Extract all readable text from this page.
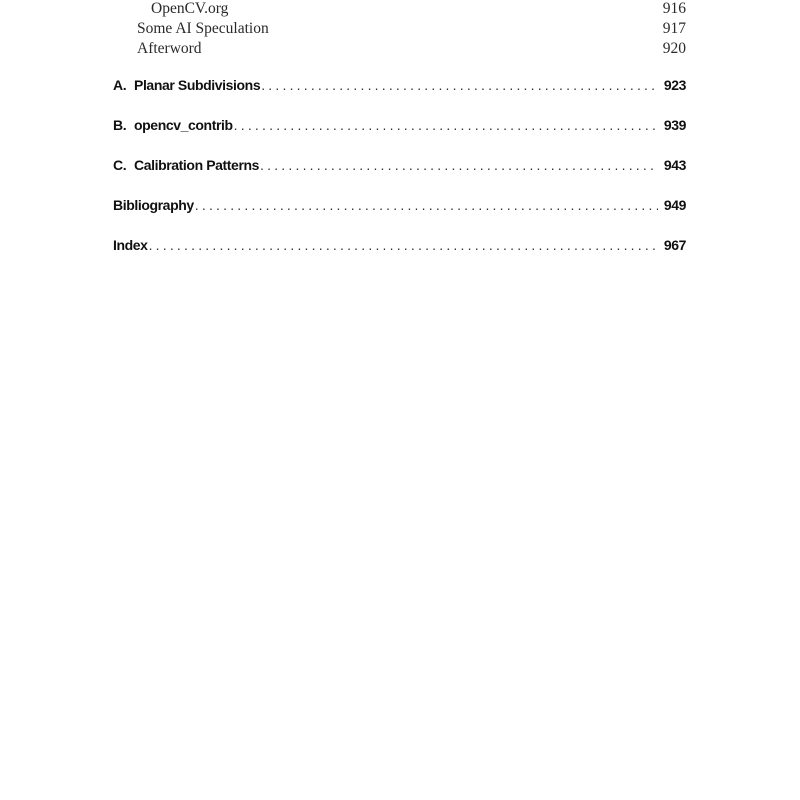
OpenCV.org	916
Some AI Speculation	917
Afterword	920
A. Planar Subdivisions .....	923
B. opencv_contrib .....	939
C. Calibration Patterns .....	943
Bibliography .....	949
Index .....	967
